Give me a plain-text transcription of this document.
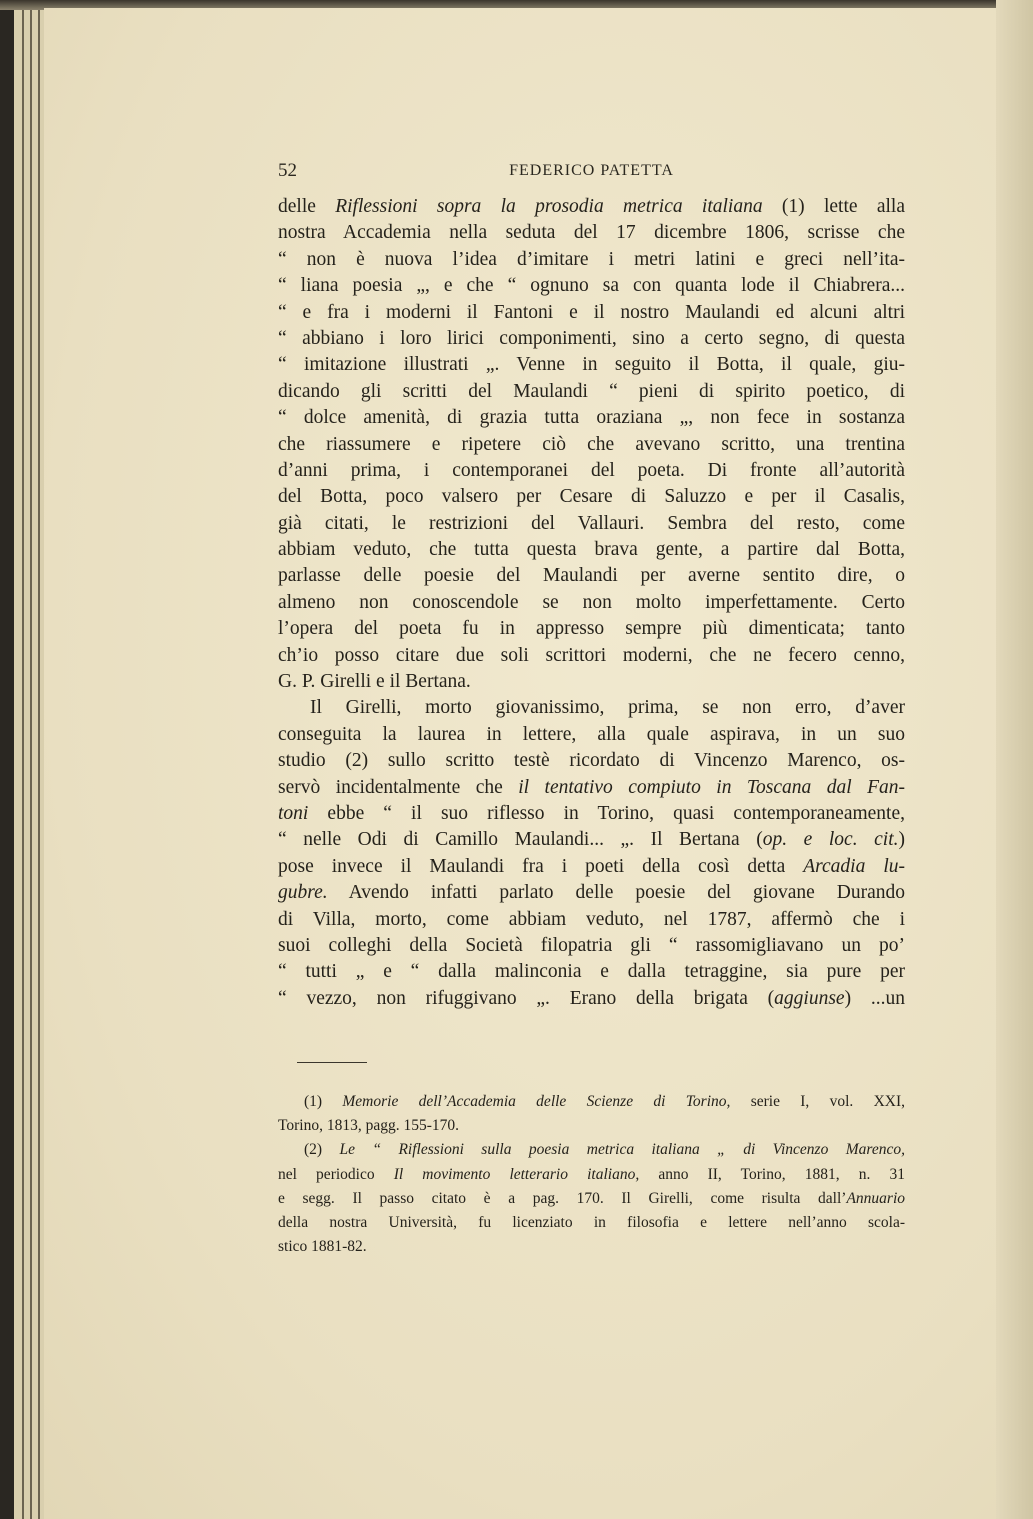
52	FEDERICO PATETTA
delle Riflessioni sopra la prosodia metrica italiana (1) lette alla
nostra Accademia nella seduta del 17 dicembre 1806, scrisse che
“ non è nuova l’idea d’imitare i metri latini e greci nell’ita-
“ liana poesia „, e che “ ognuno sa con quanta lode il Chiabrera...
“ e fra i moderni il Fantoni e il nostro Maulandi ed alcuni altri
“ abbiano i loro lirici componimenti, sino a certo segno, di questa
“ imitazione illustrati „. Venne in seguito il Botta, il quale, giu-
dicando gli scritti del Maulandi “ pieni di spirito poetico, di
“ dolce amenità, di grazia tutta oraziana „, non fece in sostanza
che riassumere e ripetere ciò che avevano scritto, una trentina
d’anni prima, i contemporanei del poeta. Di fronte all’autorità
del Botta, poco valsero per Cesare di Saluzzo e per il Casalis,
già citati, le restrizioni del Vallauri. Sembra del resto, come
abbiam veduto, che tutta questa brava gente, a partire dal Botta,
parlasse delle poesie del Maulandi per averne sentito dire, o
almeno non conoscendole se non molto imperfettamente. Certo
l’opera del poeta fu in appresso sempre più dimenticata; tanto
ch’io posso citare due soli scrittori moderni, che ne fecero cenno,
G. P. Girelli e il Bertana.
Il Girelli, morto giovanissimo, prima, se non erro, d’aver
conseguita la laurea in lettere, alla quale aspirava, in un suo
studio (2) sullo scritto testè ricordato di Vincenzo Marenco, os-
servò incidentalmente che il tentativo compiuto in Toscana dal Fan-
toni ebbe “ il suo riflesso in Torino, quasi contemporaneamente,
“ nelle Odi di Camillo Maulandi... „. Il Bertana (op. e loc. cit.)
pose invece il Maulandi fra i poeti della così detta Arcadia lu-
gubre. Avendo infatti parlato delle poesie del giovane Durando
di Villa, morto, come abbiam veduto, nel 1787, affermò che i
suoi colleghi della Società filopatria gli “ rassomigliavano un po’
“ tutti „ e “ dalla malinconia e dalla tetraggine, sia pure per
“ vezzo, non rifuggivano „. Erano della brigata (aggiunse) ...un
(1) Memorie dell’Accademia delle Scienze di Torino, serie I, vol. XXI,
Torino, 1813, pagg. 155-170.
(2) Le “ Riflessioni sulla poesia metrica italiana „ di Vincenzo Marenco,
nel periodico Il movimento letterario italiano, anno II, Torino, 1881, n. 31
e segg. Il passo citato è a pag. 170. Il Girelli, come risulta dall’Annuario
della nostra Università, fu licenziato in filosofia e lettere nell’anno scola-
stico 1881-82.
